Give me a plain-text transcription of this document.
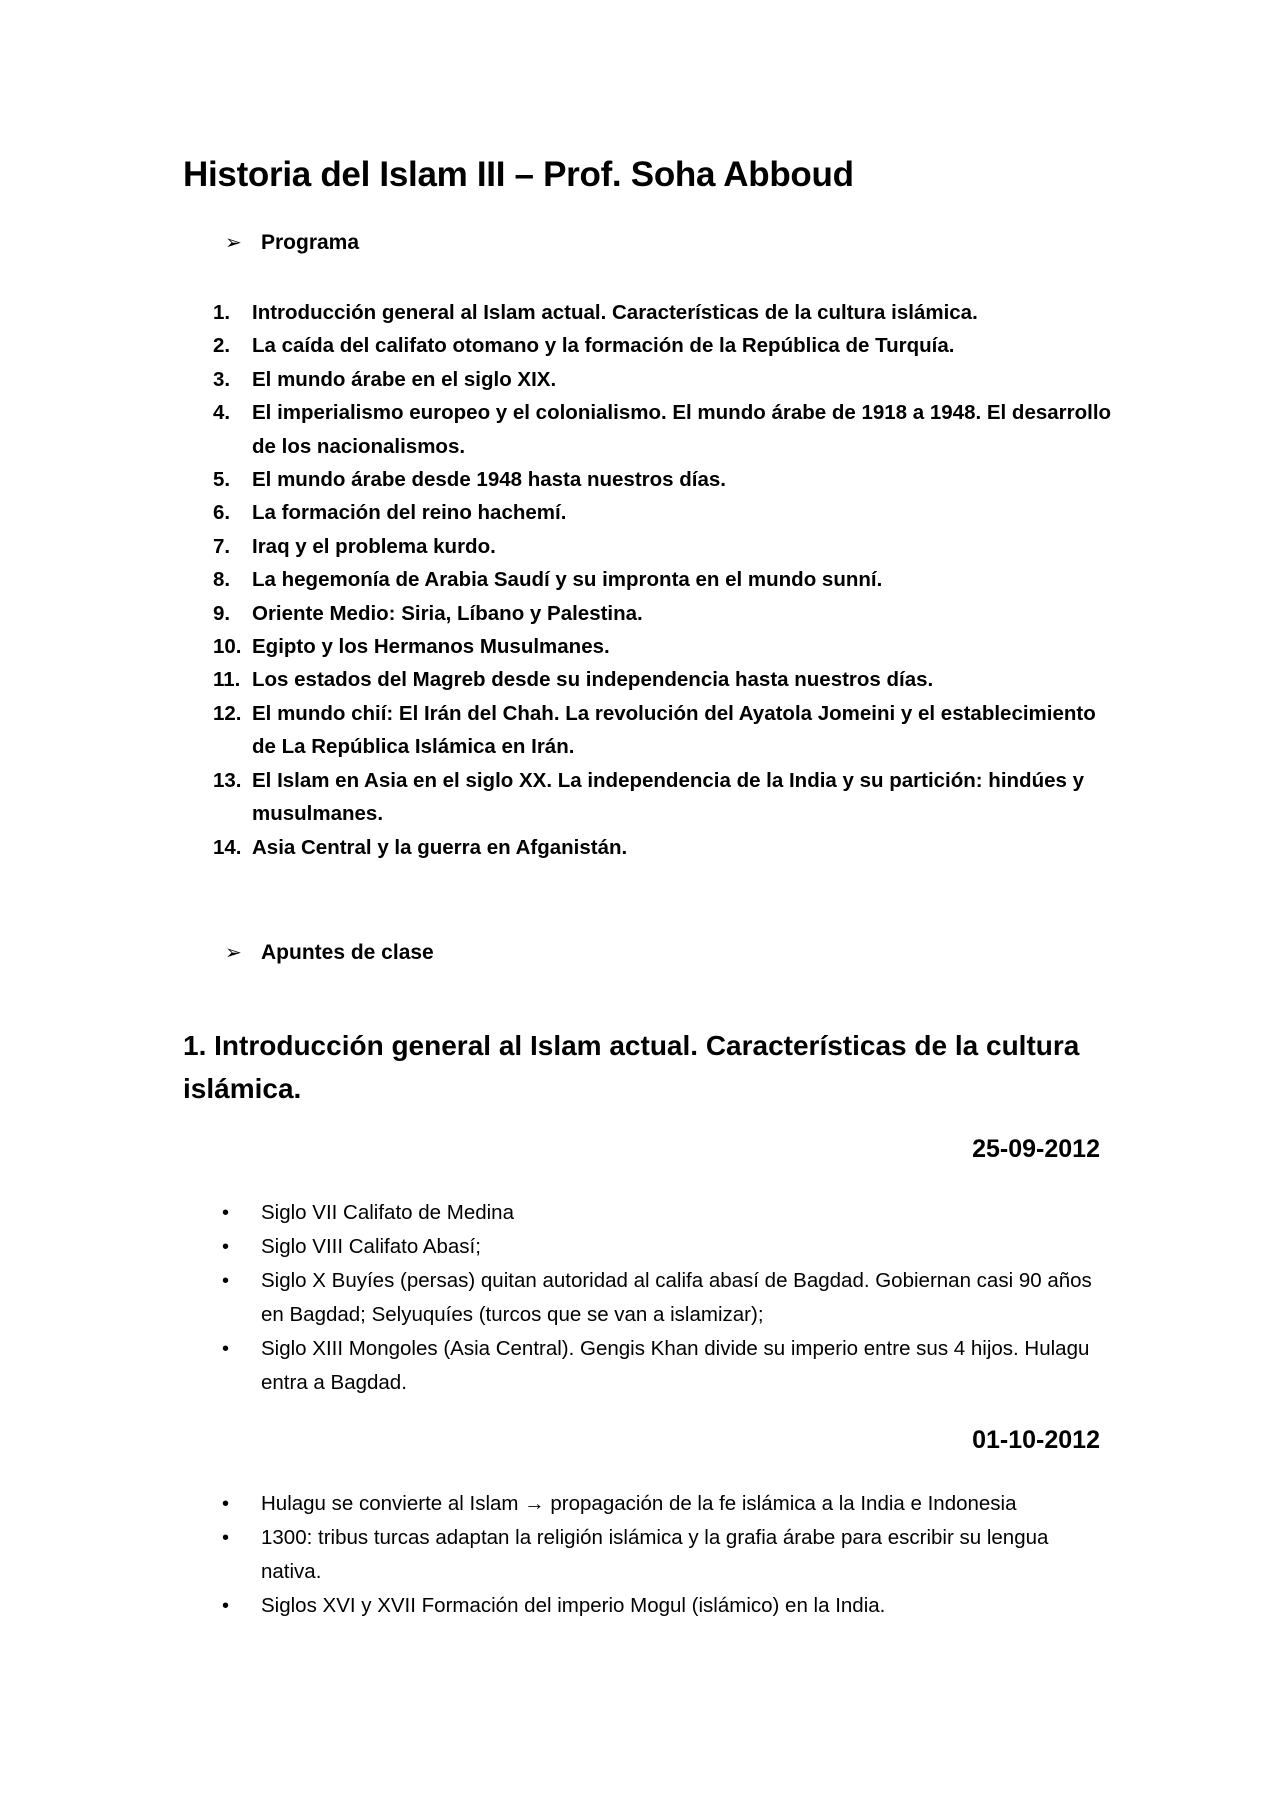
Historia del Islam III – Prof. Soha Abboud
➢ Programa
1.	Introducción general al Islam actual. Características de la cultura islámica.
2.	La caída del califato otomano y la formación de la República de Turquía.
3.	El mundo árabe en el siglo XIX.
4.	El imperialismo europeo y el colonialismo. El mundo árabe de 1918 a 1948. El desarrollo de los nacionalismos.
5.	El mundo árabe desde 1948 hasta nuestros días.
6.	La formación del reino hachemí.
7.	Iraq y el problema kurdo.
8.	La hegemonía de Arabia Saudí y su impronta en el mundo sunní.
9.	Oriente Medio: Siria, Líbano y Palestina.
10. Egipto y los Hermanos Musulmanes.
11. Los estados del Magreb desde su independencia hasta nuestros días.
12. El mundo chií: El Irán del Chah. La revolución del Ayatola Jomeini y el establecimiento de La República Islámica en Irán.
13. El Islam en Asia en el siglo XX. La independencia de la India y su partición: hindúes y musulmanes.
14. Asia Central y la guerra en Afganistán.
➢ Apuntes de clase
1. Introducción general al Islam actual. Características de la cultura islámica.

25-09-2012

•	Siglo VII Califato de Medina
•	Siglo VIII Califato Abasí;
•	Siglo X Buyíes (persas) quitan autoridad al califa abasí de Bagdad. Gobiernan casi 90 años en Bagdad; Selyuquíes (turcos que se van a islamizar);
•	Siglo XIII Mongoles (Asia Central). Gengis Khan divide su imperio entre sus 4 hijos. Hulagu entra a Bagdad.

01-10-2012

•	Hulagu se convierte al Islam → propagación de la fe islámica a la India e Indonesia
•	1300: tribus turcas adaptan la religión islámica y la grafia árabe para escribir su lengua nativa.
•	Siglos XVI y XVII Formación del imperio Mogul (islámico) en la India.
